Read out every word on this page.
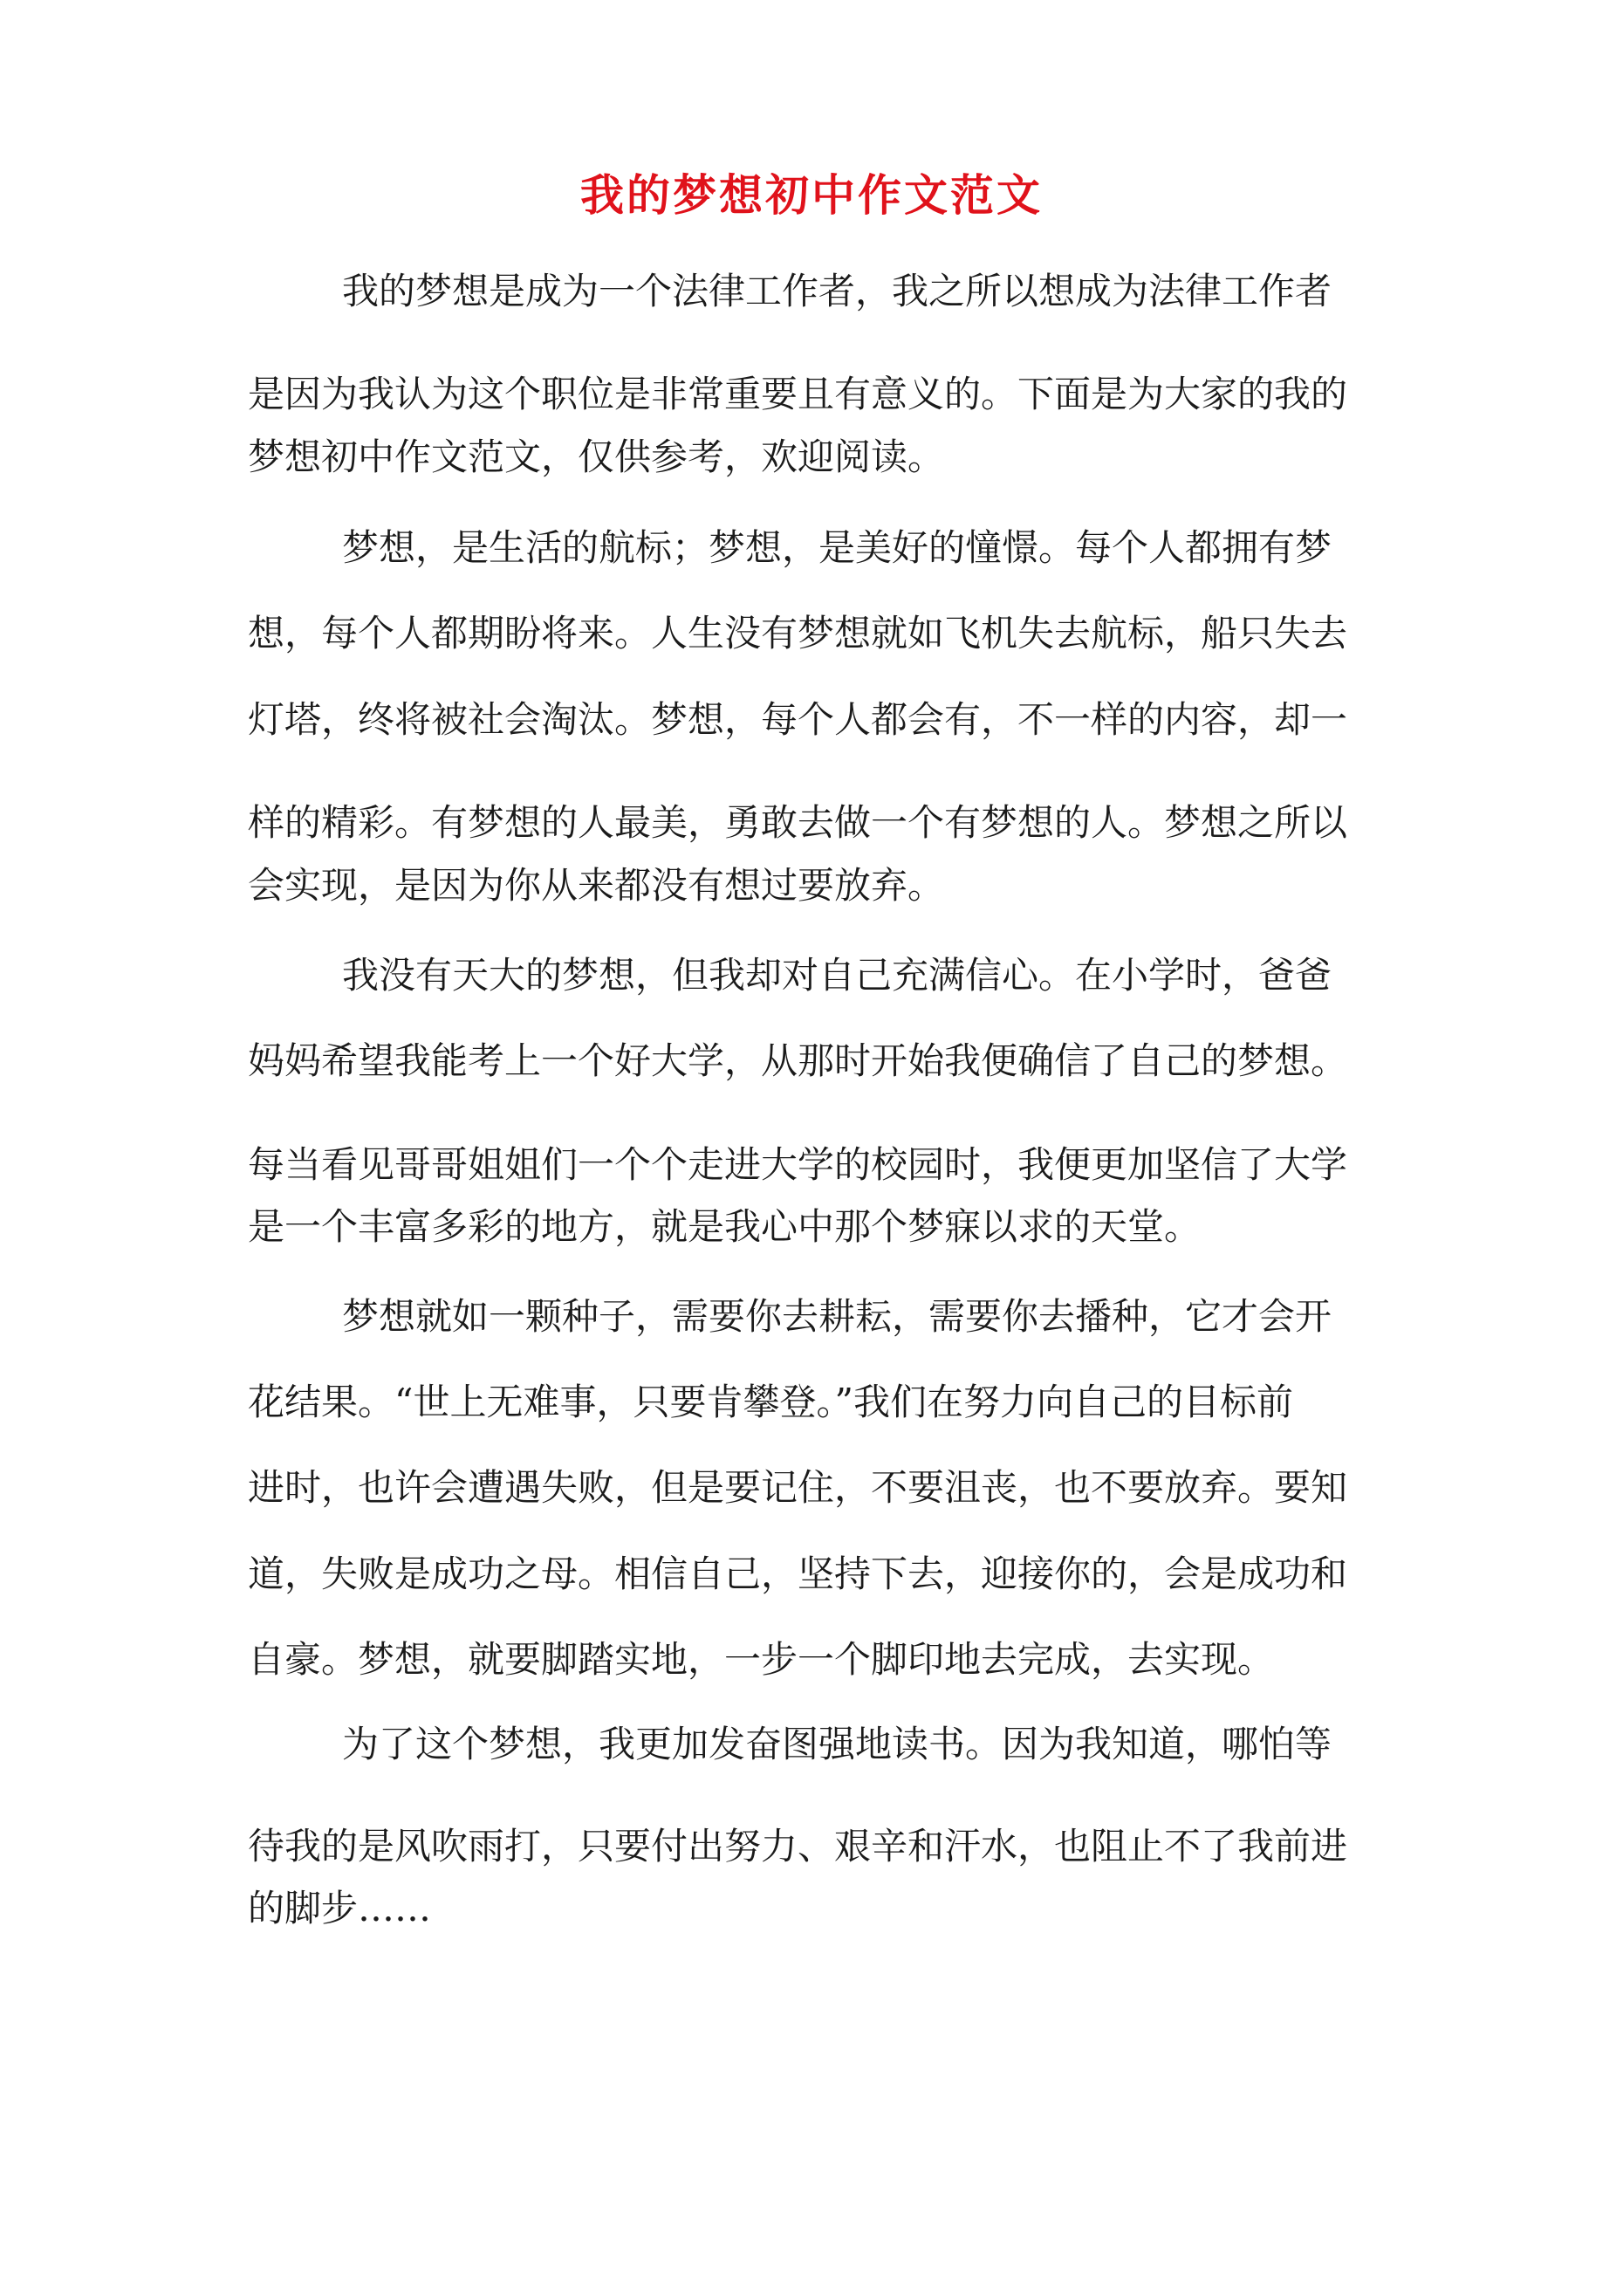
我的梦想初中作文范文

我的梦想是成为一个法律工作者，我之所以想成为法律工作者

是因为我认为这个职位是非常重要且有意义的。下面是为大家的我的

梦想初中作文范文，仅供参考，欢迎阅读。

梦想，是生活的航标；梦想，是美好的憧憬。每个人都拥有梦

想，每个人都期盼将来。人生没有梦想就如飞机失去航标，船只失去

灯塔，终将被社会淘汰。梦想，每个人都会有，不一样的内容，却一

样的精彩。有梦想的人最美，勇敢去做一个有梦想的人。梦想之所以

会实现，是因为你从来都没有想过要放弃。

我没有天大的梦想，但我却对自己充满信心。在小学时，爸爸

妈妈希望我能考上一个好大学，从那时开始我便确信了自己的梦想。

每当看见哥哥姐姐们一个个走进大学的校园时，我便更加坚信了大学

是一个丰富多彩的地方，就是我心中那个梦寐以求的天堂。

梦想就如一颗种子，需要你去耕耘，需要你去播种，它才会开

花结果。“世上无难事，只要肯攀登。”我们在努力向自己的目标前

进时，也许会遭遇失败，但是要记住，不要沮丧，也不要放弃。要知

道，失败是成功之母。相信自己，坚持下去，迎接你的，会是成功和

自豪。梦想，就要脚踏实地，一步一个脚印地去完成，去实现。

为了这个梦想，我更加发奋图强地读书。因为我知道，哪怕等

待我的是风吹雨打，只要付出努力、艰辛和汗水，也阻止不了我前进

的脚步……
